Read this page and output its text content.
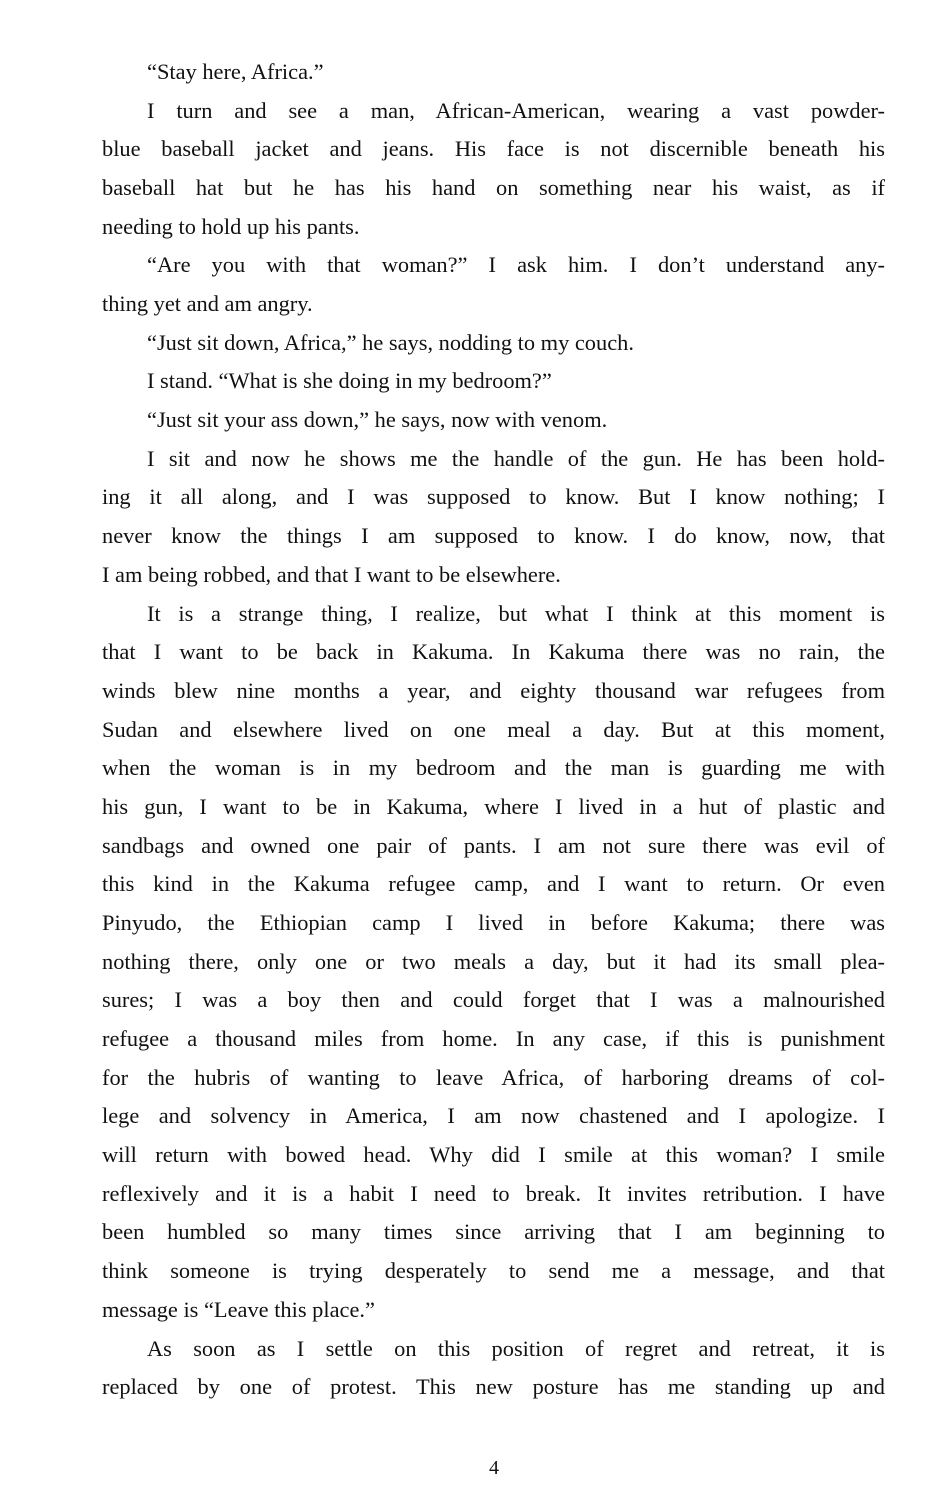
“Stay here, Africa.”
I turn and see a man, African-American, wearing a vast powder-
blue baseball jacket and jeans. His face is not discernible beneath his
baseball hat but he has his hand on something near his waist, as if
needing to hold up his pants.
“Are you with that woman?” I ask him. I don’t understand any-
thing yet and am angry.
“Just sit down, Africa,” he says, nodding to my couch.
I stand. “What is she doing in my bedroom?”
“Just sit your ass down,” he says, now with venom.
I sit and now he shows me the handle of the gun. He has been hold-
ing it all along, and I was supposed to know. But I know nothing; I
never know the things I am supposed to know. I do know, now, that
I am being robbed, and that I want to be elsewhere.
It is a strange thing, I realize, but what I think at this moment is
that I want to be back in Kakuma. In Kakuma there was no rain, the
winds blew nine months a year, and eighty thousand war refugees from
Sudan and elsewhere lived on one meal a day. But at this moment,
when the woman is in my bedroom and the man is guarding me with
his gun, I want to be in Kakuma, where I lived in a hut of plastic and
sandbags and owned one pair of pants. I am not sure there was evil of
this kind in the Kakuma refugee camp, and I want to return. Or even
Pinyudo, the Ethiopian camp I lived in before Kakuma; there was
nothing there, only one or two meals a day, but it had its small plea-
sures; I was a boy then and could forget that I was a malnourished
refugee a thousand miles from home. In any case, if this is punishment
for the hubris of wanting to leave Africa, of harboring dreams of col-
lege and solvency in America, I am now chastened and I apologize. I
will return with bowed head. Why did I smile at this woman? I smile
reflexively and it is a habit I need to break. It invites retribution. I have
been humbled so many times since arriving that I am beginning to
think someone is trying desperately to send me a message, and that
message is “Leave this place.”
As soon as I settle on this position of regret and retreat, it is
replaced by one of protest. This new posture has me standing up and
4
